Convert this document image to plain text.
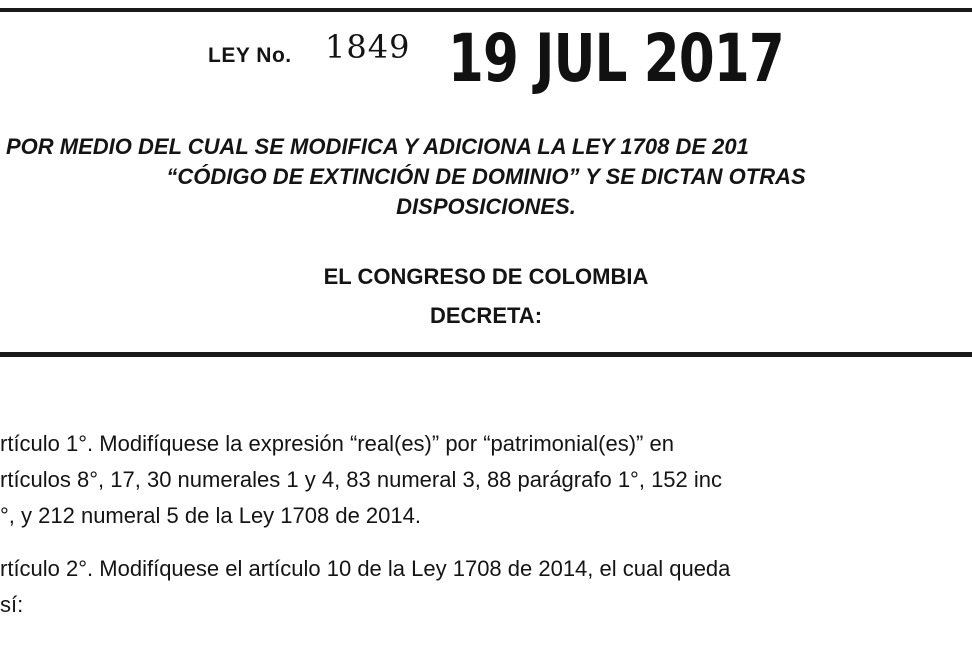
LEY No. 1849 19 JUL 2017
POR MEDIO DEL CUAL SE MODIFICA Y ADICIONA LA LEY 1708 DE 201
“CÓDIGO DE EXTINCIÓN DE DOMINIO” Y SE DICTAN OTRAS
DISPOSICIONES.
EL CONGRESO DE COLOMBIA
DECRETA:
rtículo 1°. Modifíquese la expresión “real(es)” por “patrimonial(es)” en
rtículos 8°, 17, 30 numerales 1 y 4, 83 numeral 3, 88 parágrafo 1°, 152 inc
°, y 212 numeral 5 de la Ley 1708 de 2014.
rtículo 2°. Modifíquese el artículo 10 de la Ley 1708 de 2014, el cual queda
sí:
